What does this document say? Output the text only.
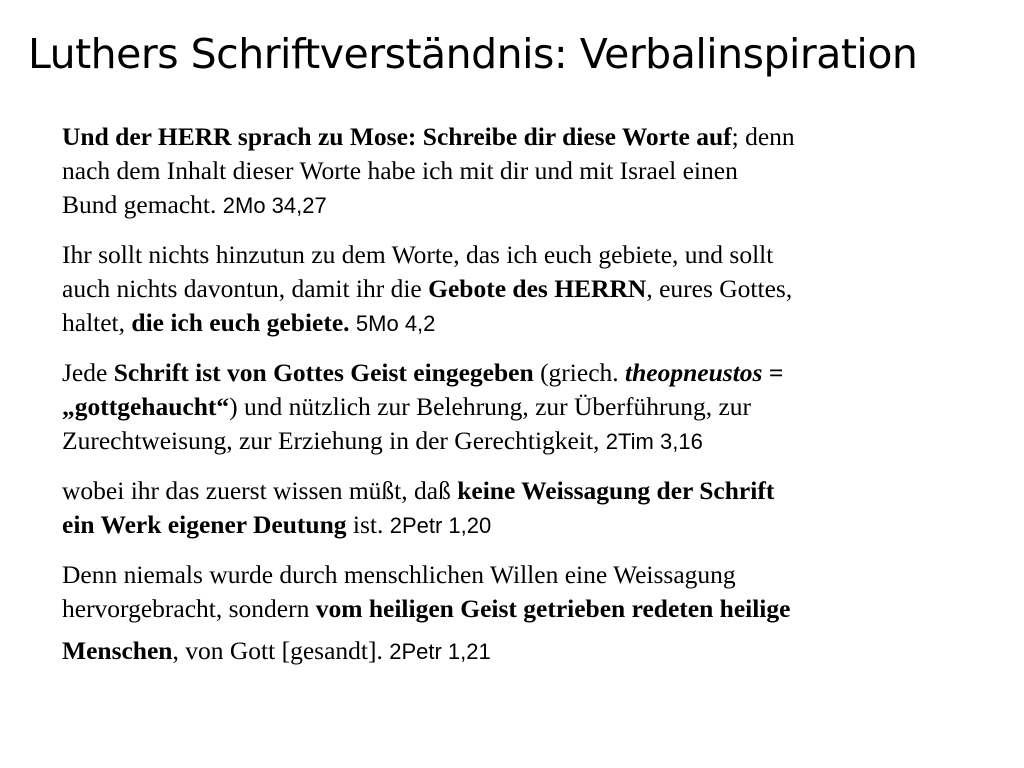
Luthers Schriftverständnis: Verbalinspiration
Und der HERR sprach zu Mose: Schreibe dir diese Worte auf; denn
nach dem Inhalt dieser Worte habe ich mit dir und mit Israel einen
Bund gemacht. 2Mo 34,27
Ihr sollt nichts hinzutun zu dem Worte, das ich euch gebiete, und sollt
auch nichts davontun, damit ihr die Gebote des HERRN, eures Gottes,
haltet, die ich euch gebiete. 5Mo 4,2
Jede Schrift ist von Gottes Geist eingegeben (griech. theopneustos =
„gottgehaucht“) und nützlich zur Belehrung, zur Überführung, zur
Zurechtweisung, zur Erziehung in der Gerechtigkeit, 2Tim 3,16
wobei ihr das zuerst wissen müßt, daß keine Weissagung der Schrift
ein Werk eigener Deutung ist. 2Petr 1,20
Denn niemals wurde durch menschlichen Willen eine Weissagung
hervorgebracht, sondern vom heiligen Geist getrieben redeten heilige
Menschen, von Gott [gesandt]. 2Petr 1,21
